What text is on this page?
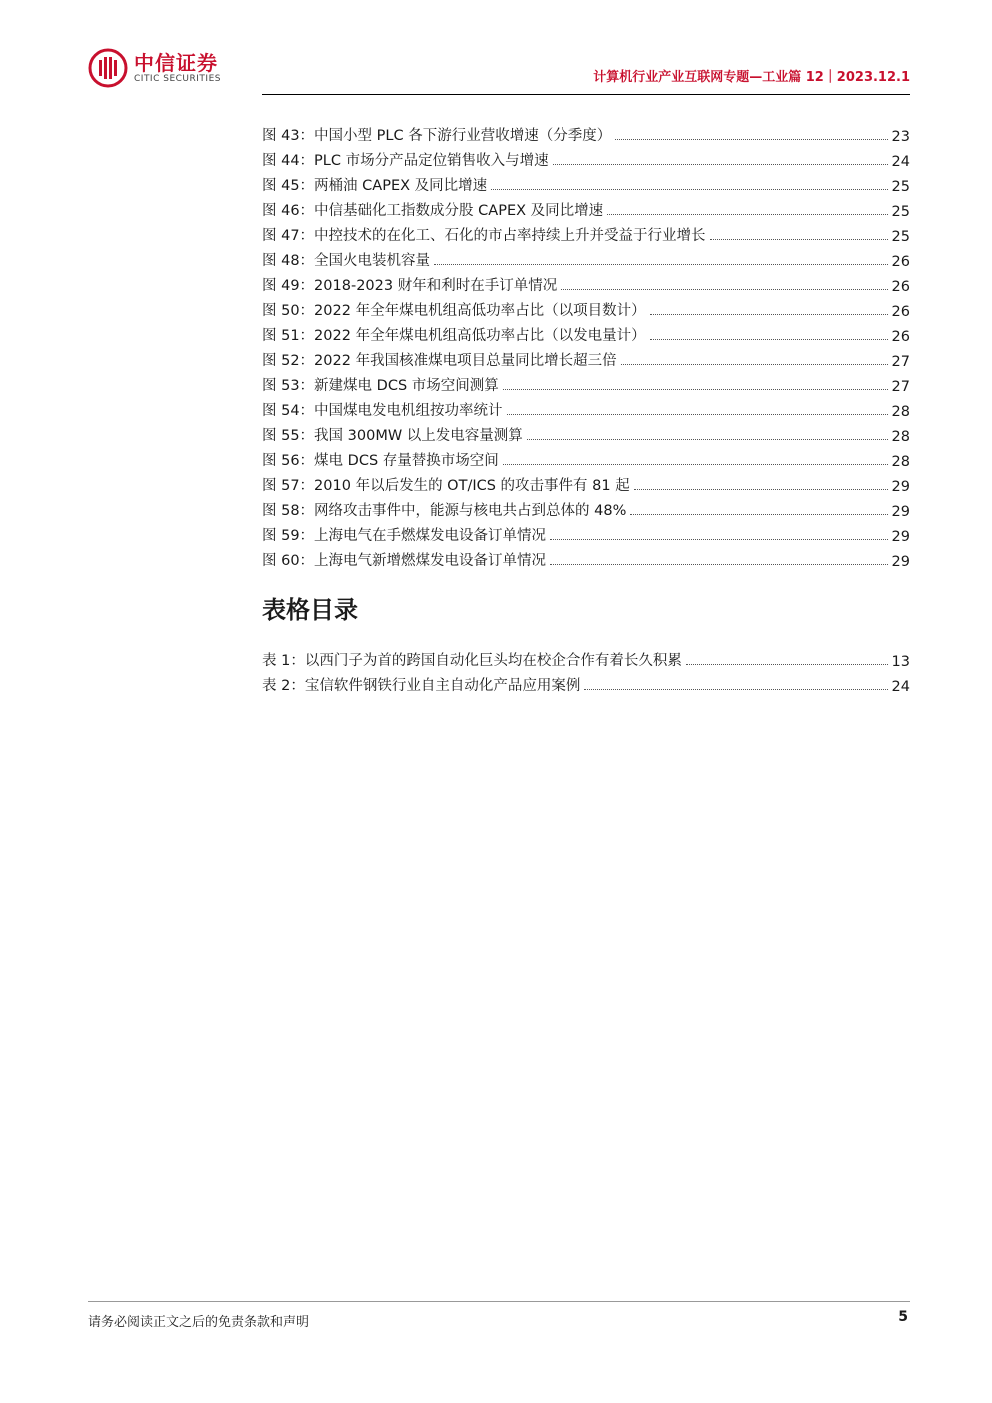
中信证券
CITIC SECURITIES	计算机行业产业互联网专题—工业篇 12｜2023.12.1
图 43：中国小型 PLC 各下游行业营收增速（分季度）	23
图 44：PLC 市场分产品定位销售收入与增速	24
图 45：两桶油 CAPEX 及同比增速	25
图 46：中信基础化工指数成分股 CAPEX 及同比增速	25
图 47：中控技术的在化工、石化的市占率持续上升并受益于行业增长	25
图 48：全国火电装机容量	26
图 49：2018-2023 财年和利时在手订单情况	26
图 50：2022 年全年煤电机组高低功率占比（以项目数计）	26
图 51：2022 年全年煤电机组高低功率占比（以发电量计）	26
图 52：2022 年我国核准煤电项目总量同比增长超三倍	27
图 53：新建煤电 DCS 市场空间测算	27
图 54：中国煤电发电机组按功率统计	28
图 55：我国 300MW 以上发电容量测算	28
图 56：煤电 DCS 存量替换市场空间	28
图 57：2010 年以后发生的 OT/ICS 的攻击事件有 81 起	29
图 58：网络攻击事件中，能源与核电共占到总体的 48%	29
图 59：上海电气在手燃煤发电设备订单情况	29
图 60：上海电气新增燃煤发电设备订单情况	29
表格目录
表 1：以西门子为首的跨国自动化巨头均在校企合作有着长久积累	13
表 2：宝信软件钢铁行业自主自动化产品应用案例	24
请务必阅读正文之后的免责条款和声明	5
